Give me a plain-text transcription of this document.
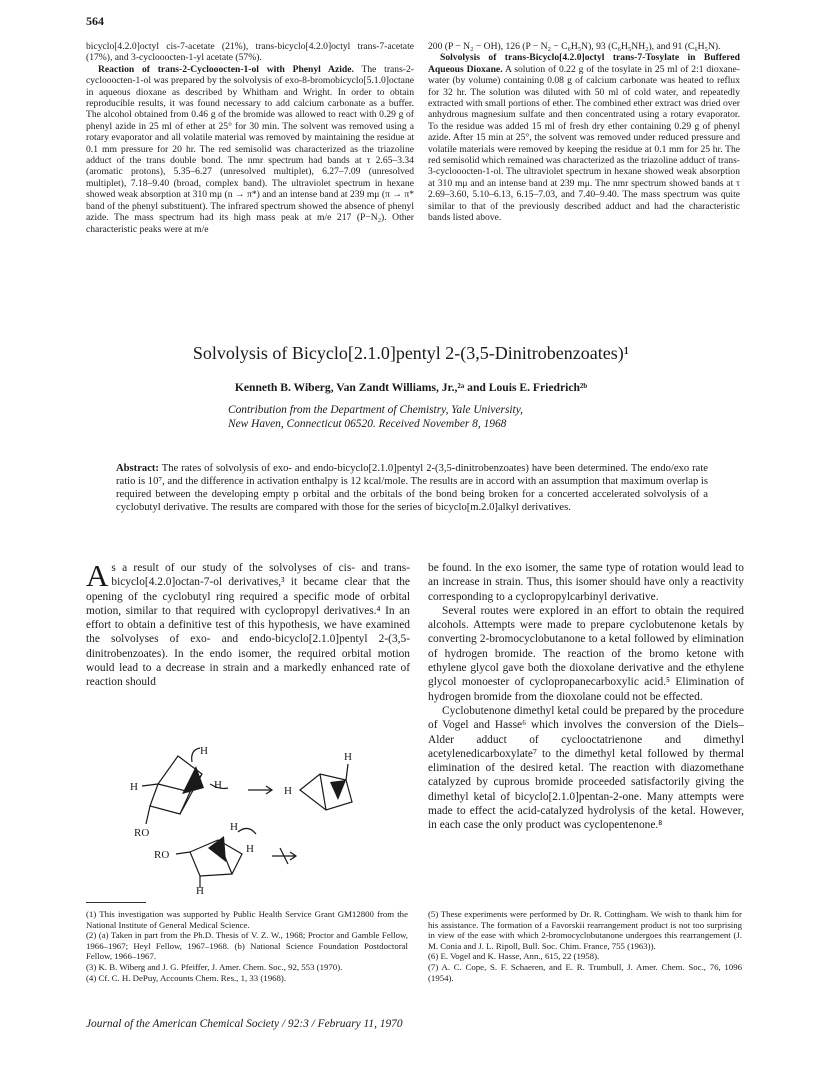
564

bicyclo[4.2.0]octyl cis-7-acetate (21%), trans-bicyclo[4.2.0]octyl trans-7-acetate (17%), and 3-cyclooocten-1-yl acetate (57%).

Reaction of trans-2-Cyclooocten-1-ol with Phenyl Azide. The trans-2-cyclooocten-1-ol was prepared by the solvolysis of exo-8-bromobicyclo[5.1.0]octane in aqueous dioxane as described by Whitham and Wright. In order to obtain reproducible results, it was found necessary to add calcium carbonate as a buffer. The alcohol obtained from 0.46 g of the bromide was allowed to react with 0.29 g of phenyl azide in 25 ml of ether at 25° for 30 min. The solvent was removed using a rotary evaporator and all volatile material was removed by maintaining the residue at 0.1 mm pressure for 20 hr. The red semisolid was characterized as the triazoline adduct of the trans double bond. The nmr spectrum had bands at τ 2.65–3.34 (aromatic protons), 5.35–6.27 (unresolved multiplet), 6.27–7.09 (unresolved multiplet), 7.18–9.40 (broad, complex band). The ultraviolet spectrum in hexane showed weak absorption at 310 mμ (n → π*) and an intense band at 239 mμ (π → π* band of the phenyl substituent). The infrared spectrum showed the absence of phenyl azide. The mass spectrum had its high mass peak at m/e 217 (P−N₂). Other characteristic peaks were at m/e

200 (P − N₂ − OH), 126 (P − N₂ − C₆H₅N), 93 (C₆H₅NH₂), and 91 (C₆H₅N).

Solvolysis of trans-Bicyclo[4.2.0]octyl trans-7-Tosylate in Buffered Aqueous Dioxane. A solution of 0.22 g of the tosylate in 25 ml of 2:1 dioxane-water (by volume) containing 0.08 g of calcium carbonate was heated to reflux for 32 hr. The solution was diluted with 50 ml of cold water, and repeatedly extracted with small portions of ether. The combined ether extract was dried over anhydrous magnesium sulfate and then concentrated using a rotary evaporator. To the residue was added 15 ml of fresh dry ether containing 0.29 g of phenyl azide. After 15 min at 25°, the solvent was removed under reduced pressure and volatile materials were removed by keeping the residue at 0.1 mm for 25 hr. The red semisolid which remained was characterized as the triazoline adduct of trans-3-cyclooocten-1-ol. The ultraviolet spectrum in hexane showed weak absorption at 310 mμ and an intense band at 239 mμ. The nmr spectrum showed bands at τ 2.69–3.60, 5.10–6.13, 6.15–7.03, and 7.40–9.40. The mass spectrum was quite similar to that of the previously described adduct and had the characteristic bands listed above.

Solvolysis of Bicyclo[2.1.0]pentyl 2-(3,5-Dinitrobenzoates)¹
Kenneth B. Wiberg, Van Zandt Williams, Jr.,²ᵃ and Louis E. Friedrich²ᵇ
Contribution from the Department of Chemistry, Yale University,
New Haven, Connecticut 06520. Received November 8, 1968
Abstract: The rates of solvolysis of exo- and endo-bicyclo[2.1.0]pentyl 2-(3,5-dinitrobenzoates) have been determined. The endo/exo rate ratio is 10⁷, and the difference in activation enthalpy is 12 kcal/mole. The results are in accord with an assumption that maximum overlap is required between the developing empty p orbital and the orbitals of the bond being broken for a concerted accelerated solvolysis of a cyclobutyl derivative. The results are compared with those for the series of bicyclo[m.2.0]alkyl derivatives.

As a result of our study of the solvolyses of cis- and trans-bicyclo[4.2.0]octan-7-ol derivatives,³ it became clear that the opening of the cyclobutyl ring required a specific mode of orbital motion, similar to that required with cyclopropyl derivatives.⁴ In an effort to obtain a definitive test of this hypothesis, we have examined the solvolyses of exo- and endo-bicyclo[2.1.0]pentyl 2-(3,5-dinitrobenzoates). In the endo isomer, the required orbital motion would lead to a decrease in strain and a markedly enhanced rate of reaction should

H
H	H
RO
H
H
H
RO	H
H

be found. In the exo isomer, the same type of rotation would lead to an increase in strain. Thus, this isomer should have only a reactivity corresponding to a cyclopropylcarbinyl derivative.

Several routes were explored in an effort to obtain the required alcohols. Attempts were made to prepare cyclobutenone ketals by converting 2-bromocyclobutanone to a ketal followed by elimination of hydrogen bromide. The reaction of the bromo ketone with ethylene glycol gave both the dioxolane derivative and the ethylene glycol monoester of cyclopropanecarboxylic acid.⁵ Elimination of hydrogen bromide from the dioxolane could not be effected.

Cyclobutenone dimethyl ketal could be prepared by the procedure of Vogel and Hasse⁶ which involves the conversion of the Diels–Alder adduct of cyclooctatrienone and dimethyl acetylenedicarboxylate⁷ to the dimethyl ketal followed by thermal elimination of the desired ketal. The reaction with diazomethane catalyzed by cuprous bromide proceeded satisfactorily giving the dimethyl ketal of bicyclo[2.1.0]pentan-2-one. Many attempts were made to effect the acid-catalyzed hydrolysis of the ketal. However, in each case the only product was cyclopentenone.⁸

(1) This investigation was supported by Public Health Service Grant GM12800 from the National Institute of General Medical Science.

(2) (a) Taken in part from the Ph.D. Thesis of V. Z. W., 1968; Proctor and Gamble Fellow, 1966–1967; Heyl Fellow, 1967–1968. (b) National Science Foundation Postdoctoral Fellow, 1966–1967.

(3) K. B. Wiberg and J. G. Pfeiffer, J. Amer. Chem. Soc., 92, 553 (1970).

(4) Cf. C. H. DePuy, Accounts Chem. Res., 1, 33 (1968).

(5) These experiments were performed by Dr. R. Cottingham. We wish to thank him for his assistance. The formation of a Favorskii rearrangement product is not too surprising in view of the ease with which 2-bromocyclobutanone undergoes this rearrangement (J. M. Conia and J. L. Ripoll, Bull. Soc. Chim. France, 755 (1963)).

(6) E. Vogel and K. Hasse, Ann., 615, 22 (1958).

(7) A. C. Cope, S. F. Schaeren, and E. R. Trumbull, J. Amer. Chem. Soc., 76, 1096 (1954).

Journal of the American Chemical Society / 92:3 / February 11, 1970
